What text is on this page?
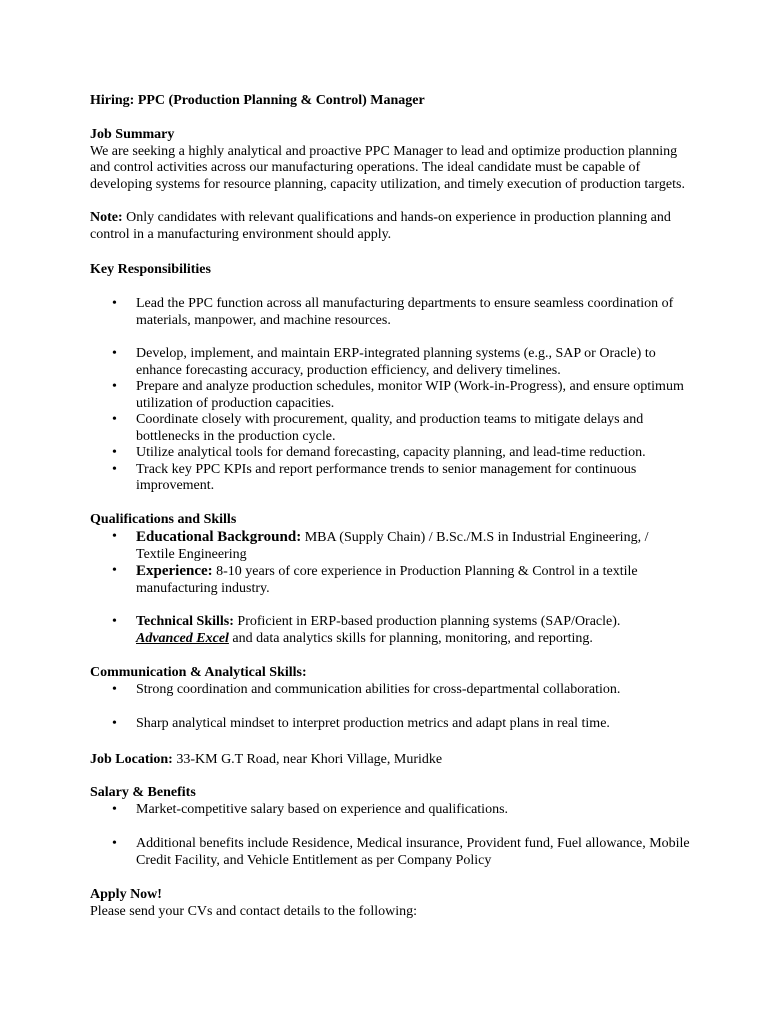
Hiring: PPC (Production Planning & Control) Manager

Job Summary

We are seeking a highly analytical and proactive PPC Manager to lead and optimize production planning and control activities across our manufacturing operations. The ideal candidate must be capable of developing systems for resource planning, capacity utilization, and timely execution of production targets.

Note: Only candidates with relevant qualifications and hands-on experience in production planning and control in a manufacturing environment should apply.

Key Responsibilities

• Lead the PPC function across all manufacturing departments to ensure seamless coordination of materials, manpower, and machine resources.
• Develop, implement, and maintain ERP-integrated planning systems (e.g., SAP or Oracle) to enhance forecasting accuracy, production efficiency, and delivery timelines.
• Prepare and analyze production schedules, monitor WIP (Work-in-Progress), and ensure optimum utilization of production capacities.
• Coordinate closely with procurement, quality, and production teams to mitigate delays and bottlenecks in the production cycle.
• Utilize analytical tools for demand forecasting, capacity planning, and lead-time reduction.
• Track key PPC KPIs and report performance trends to senior management for continuous improvement.

Qualifications and Skills

• Educational Background: MBA (Supply Chain) / B.Sc./M.S in Industrial Engineering, / Textile Engineering
• Experience: 8-10 years of core experience in Production Planning & Control in a textile manufacturing industry.
• Technical Skills: Proficient in ERP-based production planning systems (SAP/Oracle).
Advanced Excel and data analytics skills for planning, monitoring, and reporting.

Communication & Analytical Skills:

• Strong coordination and communication abilities for cross-departmental collaboration.
• Sharp analytical mindset to interpret production metrics and adapt plans in real time.

Job Location: 33-KM G.T Road, near Khori Village, Muridke

Salary & Benefits

• Market-competitive salary based on experience and qualifications.
• Additional benefits include Residence, Medical insurance, Provident fund, Fuel allowance, Mobile Credit Facility, and Vehicle Entitlement as per Company Policy

Apply Now!

Please send your CVs and contact details to the following:
